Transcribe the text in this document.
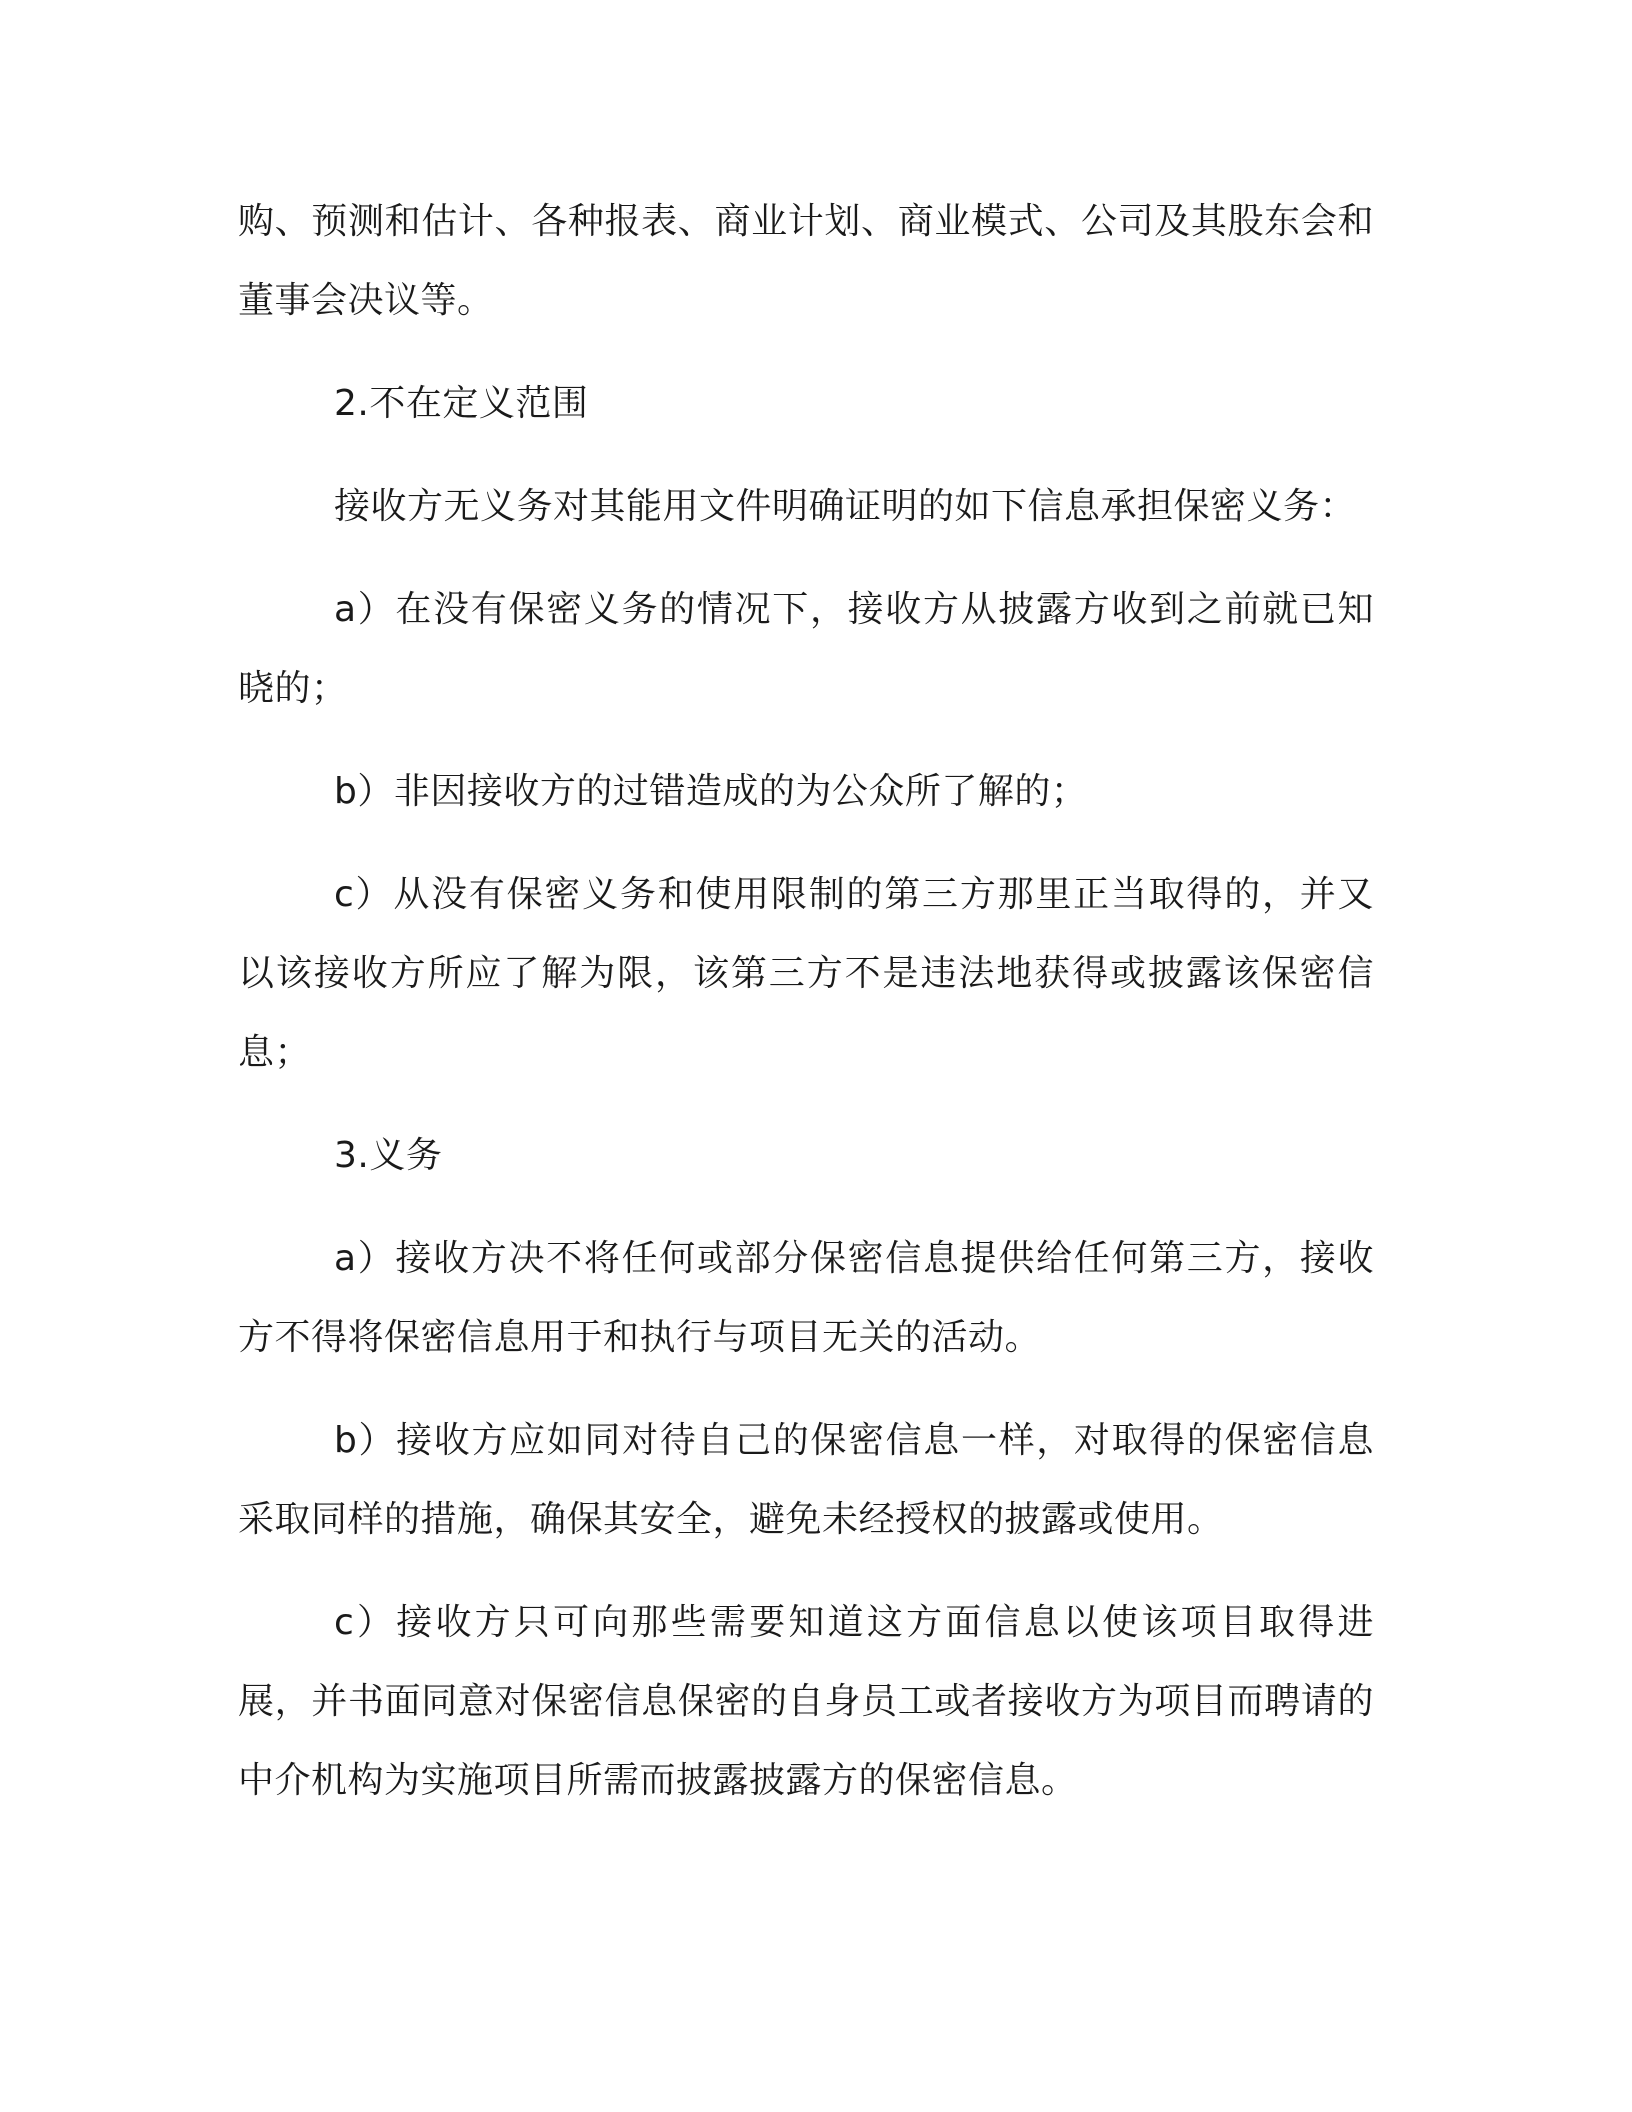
购、预测和估计、各种报表、商业计划、商业模式、公司及其股东会和董事会决议等。

2.不在定义范围

接收方无义务对其能用文件明确证明的如下信息承担保密义务：

a）在没有保密义务的情况下，接收方从披露方收到之前就已知晓的；

b）非因接收方的过错造成的为公众所了解的；

c）从没有保密义务和使用限制的第三方那里正当取得的，并又以该接收方所应了解为限，该第三方不是违法地获得或披露该保密信息；

3.义务

a）接收方决不将任何或部分保密信息提供给任何第三方，接收方不得将保密信息用于和执行与项目无关的活动。

b）接收方应如同对待自己的保密信息一样，对取得的保密信息采取同样的措施，确保其安全，避免未经授权的披露或使用。

c）接收方只可向那些需要知道这方面信息以使该项目取得进展，并书面同意对保密信息保密的自身员工或者接收方为项目而聘请的中介机构为实施项目所需而披露披露方的保密信息。
